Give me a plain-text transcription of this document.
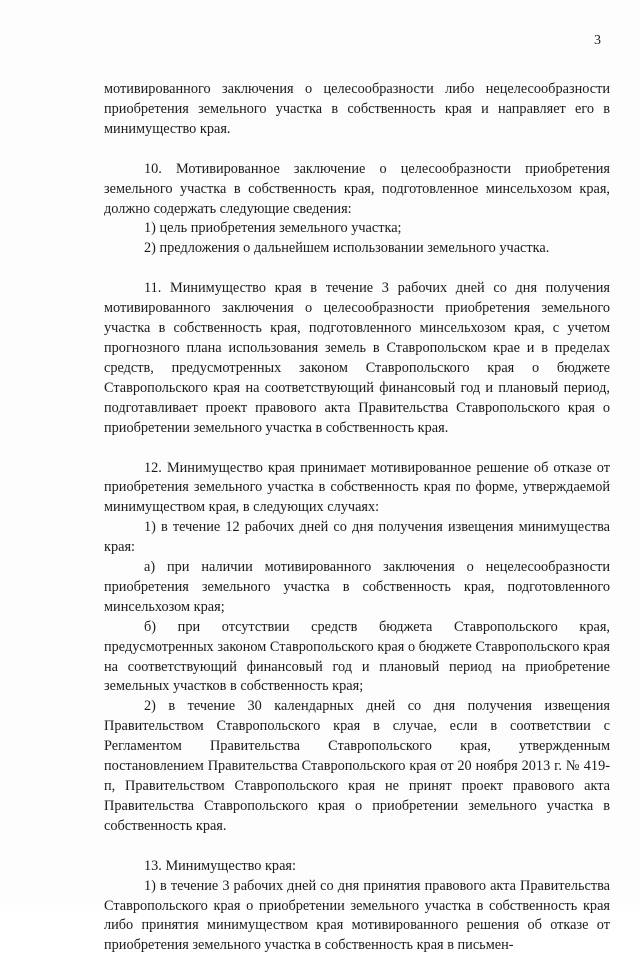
3

мотивированного заключения о целесообразности либо нецелесообразности приобретения земельного участка в собственность края и направляет его в минимущество края.

10. Мотивированное заключение о целесообразности приобретения земельного участка в собственность края, подготовленное минсельхозом края, должно содержать следующие сведения:

1) цель приобретения земельного участка;

2) предложения о дальнейшем использовании земельного участка.

11. Минимущество края в течение 3 рабочих дней со дня получения мотивированного заключения о целесообразности приобретения земельного участка в собственность края, подготовленного минсельхозом края, с учетом прогнозного плана использования земель в Ставропольском крае и в пределах средств, предусмотренных законом Ставропольского края о бюджете Ставропольского края на соответствующий финансовый год и плановый период, подготавливает проект правового акта Правительства Ставропольского края о приобретении земельного участка в собственность края.

12. Минимущество края принимает мотивированное решение об отказе от приобретения земельного участка в собственность края по форме, утверждаемой минимуществом края, в следующих случаях:

1) в течение 12 рабочих дней со дня получения извещения минимущества края:

а) при наличии мотивированного заключения о нецелесообразности приобретения земельного участка в собственность края, подготовленного минсельхозом края;

б) при отсутствии средств бюджета Ставропольского края, предусмотренных законом Ставропольского края о бюджете Ставропольского края на соответствующий финансовый год и плановый период на приобретение земельных участков в собственность края;

2) в течение 30 календарных дней со дня получения извещения Правительством Ставропольского края в случае, если в соответствии с Регламентом Правительства Ставропольского края, утвержденным постановлением Правительства Ставропольского края от 20 ноября 2013 г. № 419-п, Правительством Ставропольского края не принят проект правового акта Правительства Ставропольского края о приобретении земельного участка в собственность края.

13. Минимущество края:

1) в течение 3 рабочих дней со дня принятия правового акта Правительства Ставропольского края о приобретении земельного участка в собственность края либо принятия минимуществом края мотивированного решения об отказе от приобретения земельного участка в собственность края в письмен-
